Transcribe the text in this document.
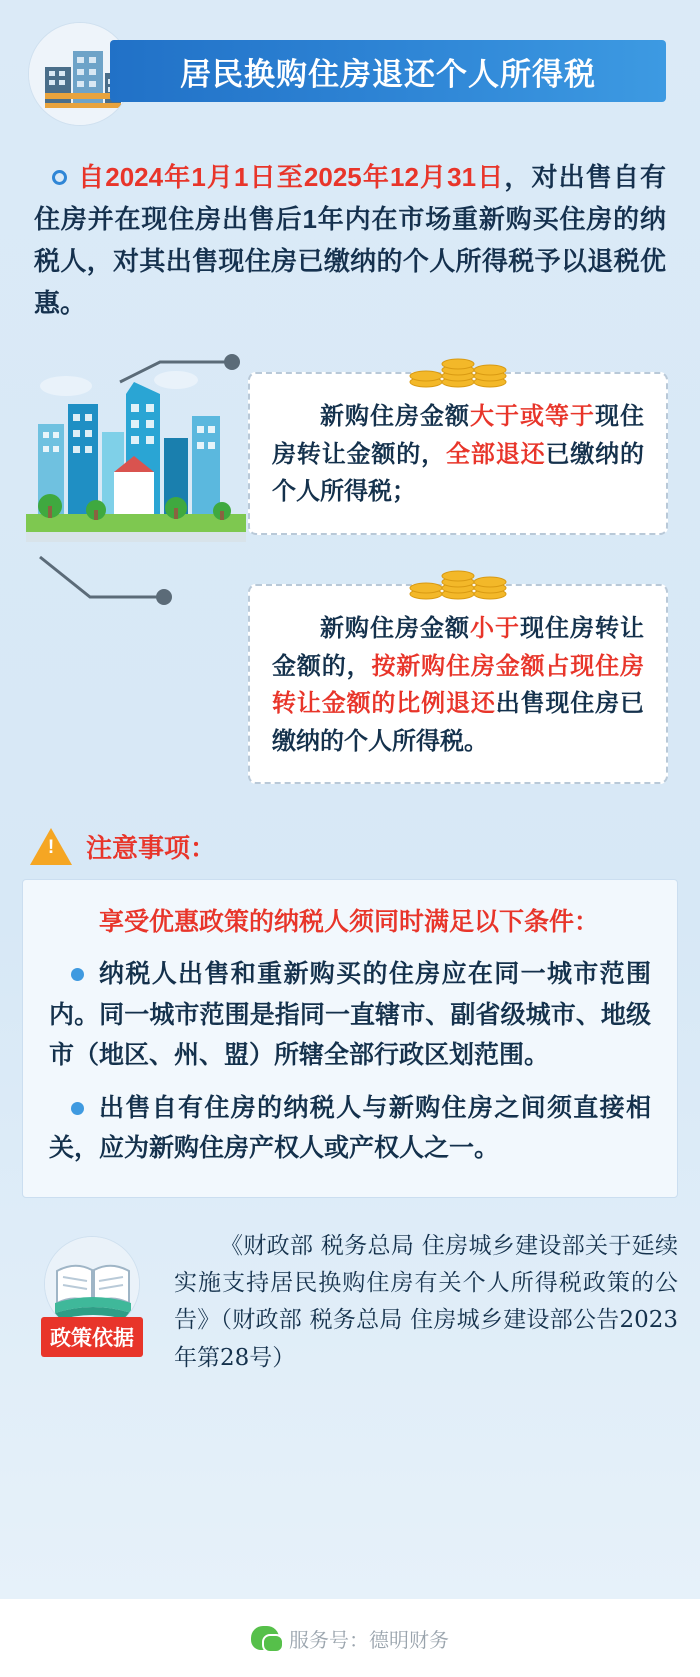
居民换购住房退还个人所得税
自2024年1月1日至2025年12月31日，对出售自有住房并在现住房出售后1年内在市场重新购买住房的纳税人，对其出售现住房已缴纳的个人所得税予以退税优惠。
新购住房金额大于或等于现住房转让金额的，全部退还已缴纳的个人所得税；
新购住房金额小于现住房转让金额的，按新购住房金额占现住房转让金额的比例退还出售现住房已缴纳的个人所得税。
!
注意事项：
享受优惠政策的纳税人须同时满足以下条件：
纳税人出售和重新购买的住房应在同一城市范围内。同一城市范围是指同一直辖市、副省级城市、地级市（地区、州、盟）所辖全部行政区划范围。
出售自有住房的纳税人与新购住房之间须直接相关，应为新购住房产权人或产权人之一。
政策依据
《财政部 税务总局 住房城乡建设部关于延续实施支持居民换购住房有关个人所得税政策的公告》（财政部 税务总局 住房城乡建设部公告2023年第28号）
服务号：德明财务
